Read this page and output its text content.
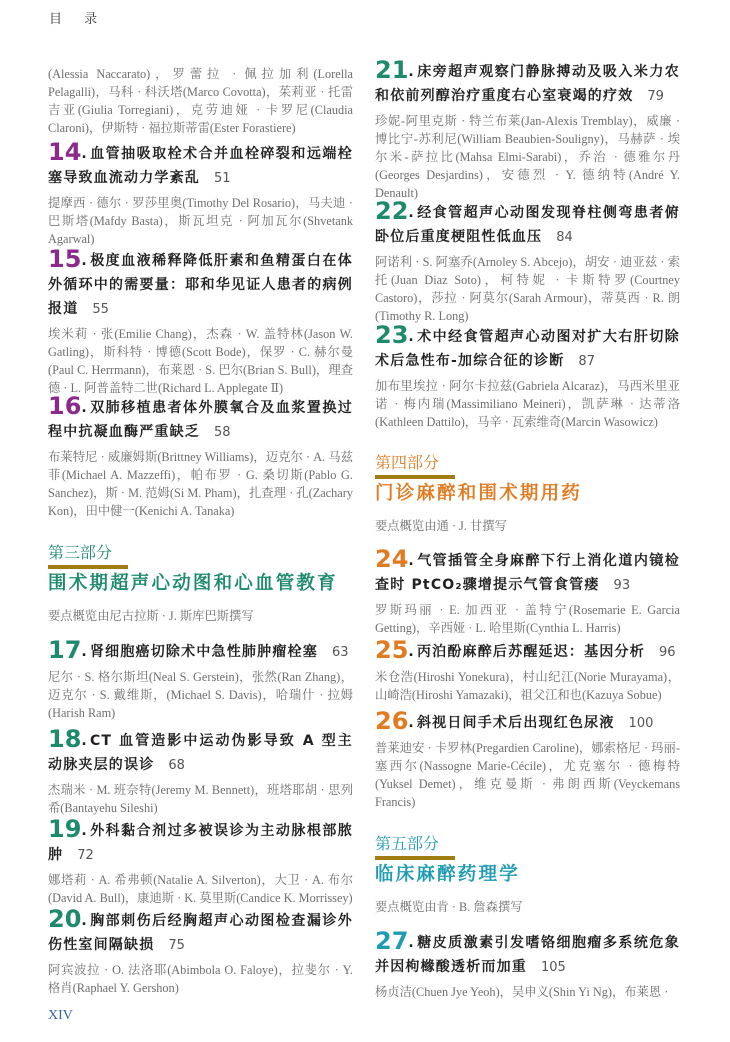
目 录
(Alessia Naccarato)，罗蕾拉 · 佩拉加利(Lorella Pelagalli)，马科 · 科沃塔(Marco Covotta)，茱莉亚 · 托雷吉亚(Giulia Torregiani)，克劳迪娅 · 卡罗尼(Claudia Claroni)，伊斯特 · 福拉斯蒂雷(Ester Forastiere)
14. 血管抽吸取栓术合并血栓碎裂和远端栓塞导致血流动力学紊乱 51
提摩西 · 德尔 · 罗莎里奥(Timothy Del Rosario)，马夫迪 · 巴斯塔(Mafdy Basta)，斯瓦坦克 · 阿加瓦尔(Shvetank Agarwal)
15. 极度血液稀释降低肝素和鱼精蛋白在体外循环中的需要量：耶和华见证人患者的病例报道 55
埃米莉 · 张(Emilie Chang)，杰森 · W. 盖特林(Jason W. Gatling)，斯科特 · 博德(Scott Bode)，保罗 · C. 赫尔曼(Paul C. Herrmann)，布莱恩 · S. 巴尔(Brian S. Bull)，理查德 · L. 阿普盖特二世(Richard L. Applegate Ⅱ)
16. 双肺移植患者体外膜氧合及血浆置换过程中抗凝血酶严重缺乏 58
布莱特尼 · 威廉姆斯(Brittney Williams)，迈克尔 · A. 马兹菲(Michael A. Mazzeffi)，帕布罗 · G. 桑切斯(Pablo G. Sanchez)，斯 · M. 范姆(Si M. Pham)，扎查理 · 孔(Zachary Kon)，田中健一(Kenichi A. Tanaka)
第三部分
围术期超声心动图和心血管教育
要点概览由尼古拉斯 · J. 斯库巴斯撰写
17. 肾细胞癌切除术中急性肺肿瘤栓塞 63
尼尔 · S. 格尔斯坦(Neal S. Gerstein)，张然(Ran Zhang)，迈克尔 · S. 戴维斯，(Michael S. Davis)，哈瑞什 · 拉姆(Harish Ram)
18. CT 血管造影中运动伪影导致 A 型主动脉夹层的误诊 68
杰瑞米 · M. 班奈特(Jeremy M. Bennett)，班塔耶胡 · 思列希(Bantayehu Sileshi)
19. 外科黏合剂过多被误诊为主动脉根部脓肿 72
娜塔莉 · A. 希弗顿(Natalie A. Silverton)，大卫 · A. 布尔(David A. Bull)，康迪斯 · K. 莫里斯(Candice K. Morrissey)
20. 胸部刺伤后经胸超声心动图检查漏诊外伤性室间隔缺损 75
阿宾波拉 · O. 法洛耶(Abimbola O. Faloye)，拉斐尔 · Y. 格肖(Raphael Y. Gershon)
21. 床旁超声观察门静脉搏动及吸入米力农和依前列醇治疗重度右心室衰竭的疗效 79
珍妮-阿里克斯 · 特兰布莱(Jan-Alexis Tremblay)，威廉 · 博比宁-苏利尼(William Beaubien-Souligny)，马赫萨 · 埃尔米-萨拉比(Mahsa Elmi-Sarabi)，乔治 · 德雅尔丹(Georges Desjardins)，安德烈 · Y. 德纳特(André Y. Denault)
22. 经食管超声心动图发现脊柱侧弯患者俯卧位后重度梗阻性低血压 84
阿诺利 · S. 阿塞乔(Arnoley S. Abcejo)，胡安 · 迪亚兹 · 索托(Juan Diaz Soto)，柯特妮 · 卡斯特罗(Courtney Castoro)，莎拉 · 阿莫尔(Sarah Armour)，蒂莫西 · R. 朗(Timothy R. Long)
23. 术中经食管超声心动图对扩大右肝切除术后急性布-加综合征的诊断 87
加布里埃拉 · 阿尔卡拉兹(Gabriela Alcaraz)，马西米里亚诺 · 梅内瑞(Massimiliano Meineri)，凯萨琳 · 达蒂洛(Kathleen Dattilo)，马辛 · 瓦索维奇(Marcin Wasowicz)
第四部分
门诊麻醉和围术期用药
要点概览由通 · J. 甘撰写
24. 气管插管全身麻醉下行上消化道内镜检查时 PtCO₂骤增提示气管食管瘘 93
罗斯玛丽 · E. 加西亚 · 盖特宁(Rosemarie E. Garcia Getting)，辛西娅 · L. 哈里斯(Cynthia L. Harris)
25. 丙泊酚麻醉后苏醒延迟：基因分析 96
米仓浩(Hiroshi Yonekura)，村山纪江(Norie Murayama)，山崎浩(Hiroshi Yamazaki)，祖父江和也(Kazuya Sobue)
26. 斜视日间手术后出现红色尿液 100
普莱迪安 · 卡罗林(Pregardien Caroline)，娜索格尼 · 玛丽-塞西尔(Nassogne Marie-Cécile)，尤克塞尔 · 德梅特(Yuksel Demet)，维克曼斯 · 弗朗西斯(Veyckemans Francis)
第五部分
临床麻醉药理学
要点概览由肯 · B. 詹森撰写
27. 糖皮质激素引发嗜铬细胞瘤多系统危象并因枸橼酸透析而加重 105
杨贞洁(Chuen Jye Yeoh)，吴申义(Shin Yi Ng)，布莱恩 ·
XIV
